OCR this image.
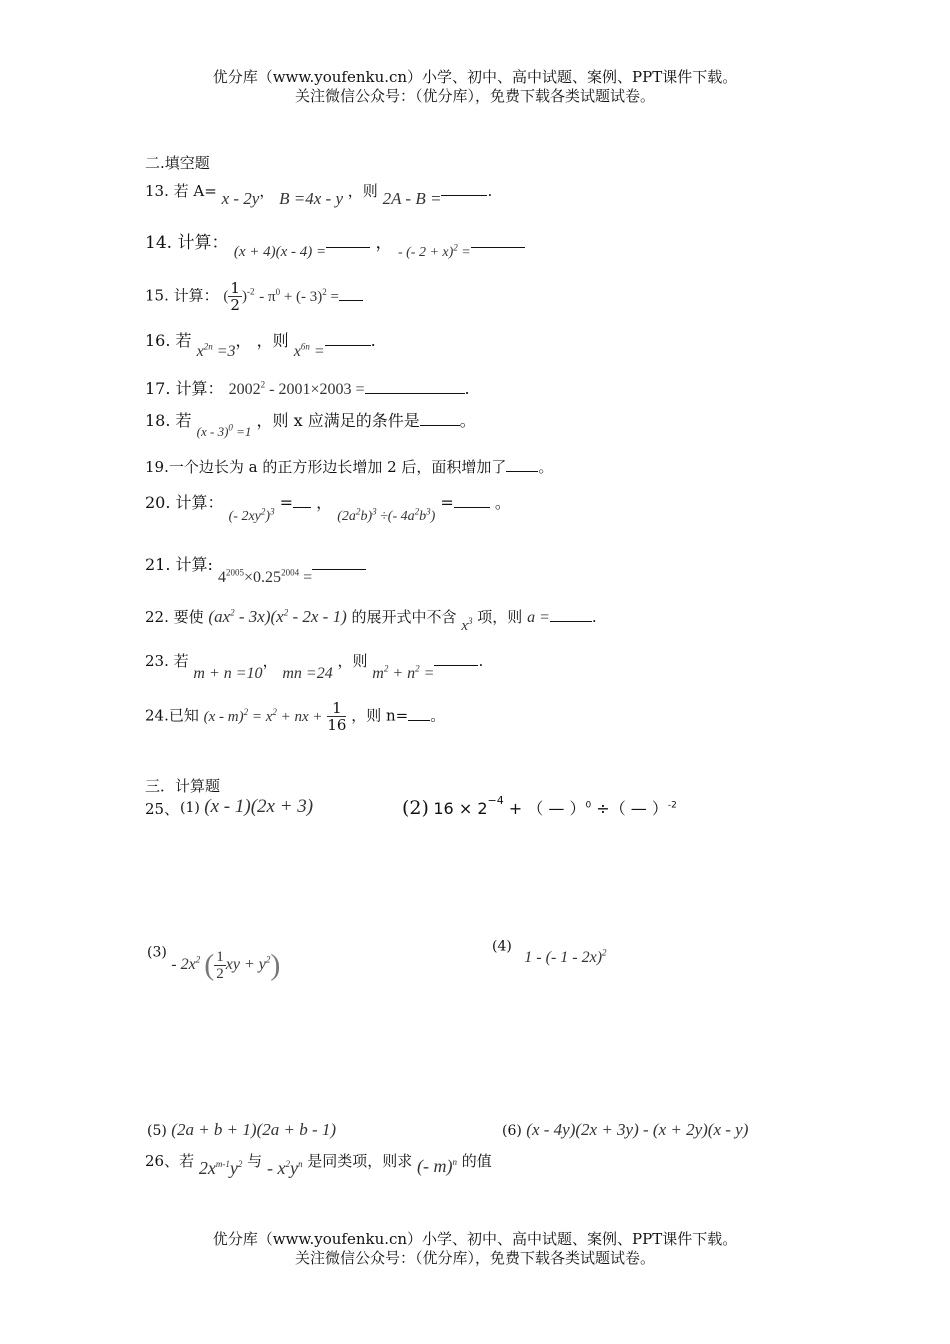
优分库（www.youfenku.cn）小学、初中、高中试题、案例、PPT课件下载。
关注微信公众号：（优分库），免费下载各类试题试卷。
二.填空题
13. 若 A= x - 2y， B =4x - y ，则 2A - B =	.
14. 计算： (x + 4)(x - 4) =	， $_{- (- 2 + x)^2 =}$
15. 计算： ( $\frac{1}{2} )^{-2} - \pi^0$ + (- 3)$^2$ =
16. 若 $x^{2n} =3$， ，则 $x^{6n}$ =.
17. 计算： 2002$^2$ - 2001×2003 =	.
18. 若 $_{(x - 3)^0 =1}$ ，则 x 应满足的条件是	。
19.一个边长为 a 的正方形边长增加 2 后，面积增加了 。
20. 计算： (- $2xy^2)^3$ = ， $(2a^2b)^3$ ÷(- $4a^2b^3$) =	。
21. 计算: $4^{2005}\times 0.25^{2004}$ =
22. 要使 $(ax^2 - 3x)(x^2 - 2x - 1)$ 的展开式中不含 $x^3$ 项，则 a =	.
23. 若 m + n =10， mn =24 ，则 $m^2 + n^2$ =.
24.已知 $(x - m)^2 = x^2$ + nx + $\frac{1}{16}$ ，则 n= 。
三．计算题
25、 (1) (x - 1)(2x + 3)	(2) $16 \times 2^{-4}$ + （ — ）$^0$ ÷（ — ）$^{-2}$
$(3) - 2x^2$ ( $\frac{1}{2}$ xy + $y^2$)
(4) 1 - (- 1 - 2x)$^2$
(5) (2a + b + 1)(2a + b - 1)	(6) (x - 4y)(2x + 3y) - (x + 2y)(x - y)
26、若 $2x^{m-1}y^2$ 与 - $x^2y^n$ 是同类项，则求 (- m)$^n$ 的值
优分库（www.youfenku.cn）小学、初中、高中试题、案例、PPT课件下载。
关注微信公众号：（优分库），免费下载各类试题试卷。
